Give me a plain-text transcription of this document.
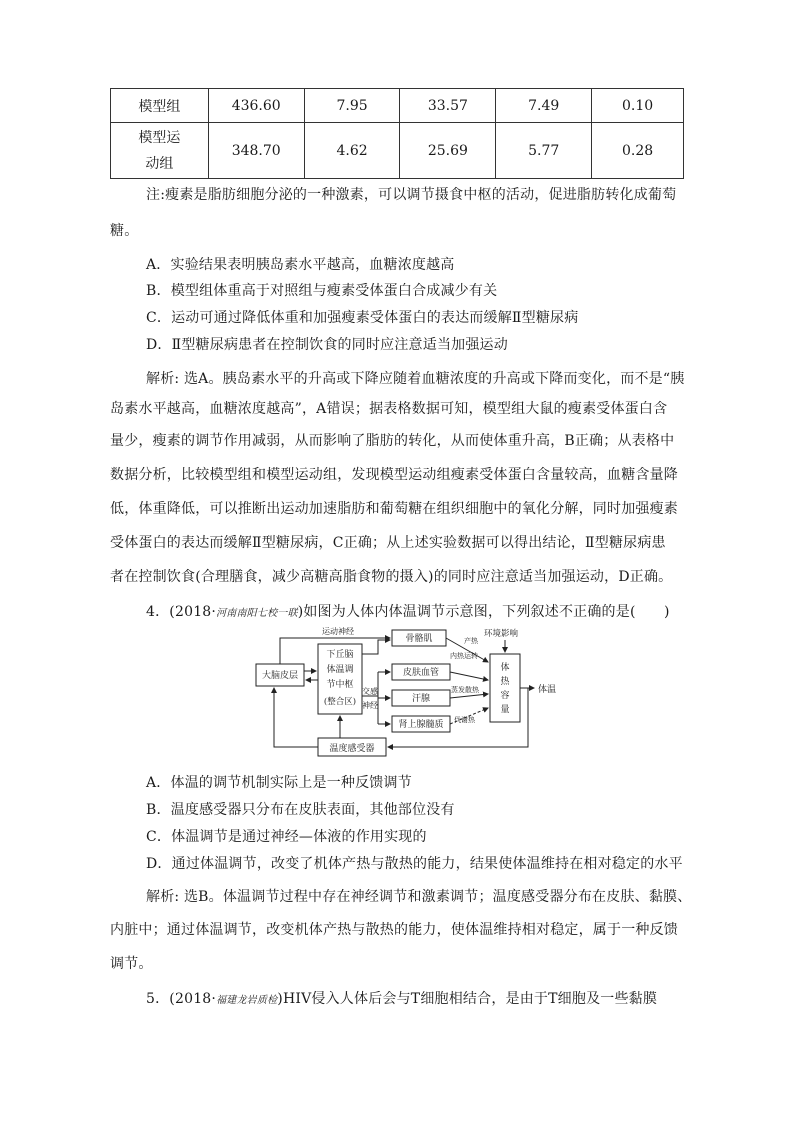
模型组	436.60	7.95	33.57	7.49	0.10

模型运
动组	348.70	4.62	25.69	5.77	0.28
注:瘦素是脂肪细胞分泌的一种激素，可以调节摄食中枢的活动，促进脂肪转化成葡萄
糖。
A．实验结果表明胰岛素水平越高，血糖浓度越高
B．模型组体重高于对照组与瘦素受体蛋白合成减少有关
C．运动可通过降低体重和加强瘦素受体蛋白的表达而缓解Ⅱ型糖尿病
D．Ⅱ型糖尿病患者在控制饮食的同时应注意适当加强运动
解析: 选A。胰岛素水平的升高或下降应随着血糖浓度的升高或下降而变化，而不是“胰
岛素水平越高，血糖浓度越高”，A错误；据表格数据可知，模型组大鼠的瘦素受体蛋白含
量少，瘦素的调节作用减弱，从而影响了脂肪的转化，从而使体重升高，B正确；从表格中
数据分析，比较模型组和模型运动组，发现模型运动组瘦素受体蛋白含量较高，血糖含量降
低，体重降低，可以推断出运动加速脂肪和葡萄糖在组织细胞中的氧化分解，同时加强瘦素
受体蛋白的表达而缓解Ⅱ型糖尿病，C正确；从上述实验数据可以得出结论，Ⅱ型糖尿病患
者在控制饮食(合理膳食，减少高糖高脂食物的摄入)的同时应注意适当加强运动，D正确。
4．(2018·河南南阳七校一联)如图为人体内体温调节示意图，下列叙述不正确的是(　　)
大脑皮层
下丘脑
体温调
节中枢
(整合区)
运动神经
交感
神经
骨骼肌
皮肤血管
汗腺
肾上腺髓质
体
热
容
量
环境影响
产热
内热运转
蒸发散热
代谢热
体温
温度感受器
A．体温的调节机制实际上是一种反馈调节
B．温度感受器只分布在皮肤表面，其他部位没有
C．体温调节是通过神经—体液的作用实现的
D．通过体温调节，改变了机体产热与散热的能力，结果使体温维持在相对稳定的水平
解析: 选B。体温调节过程中存在神经调节和激素调节；温度感受器分布在皮肤、黏膜、
内脏中；通过体温调节，改变机体产热与散热的能力，使体温维持相对稳定，属于一种反馈
调节。
5．(2018·福建龙岩质检)HIV侵入人体后会与T细胞相结合，是由于T细胞及一些黏膜
